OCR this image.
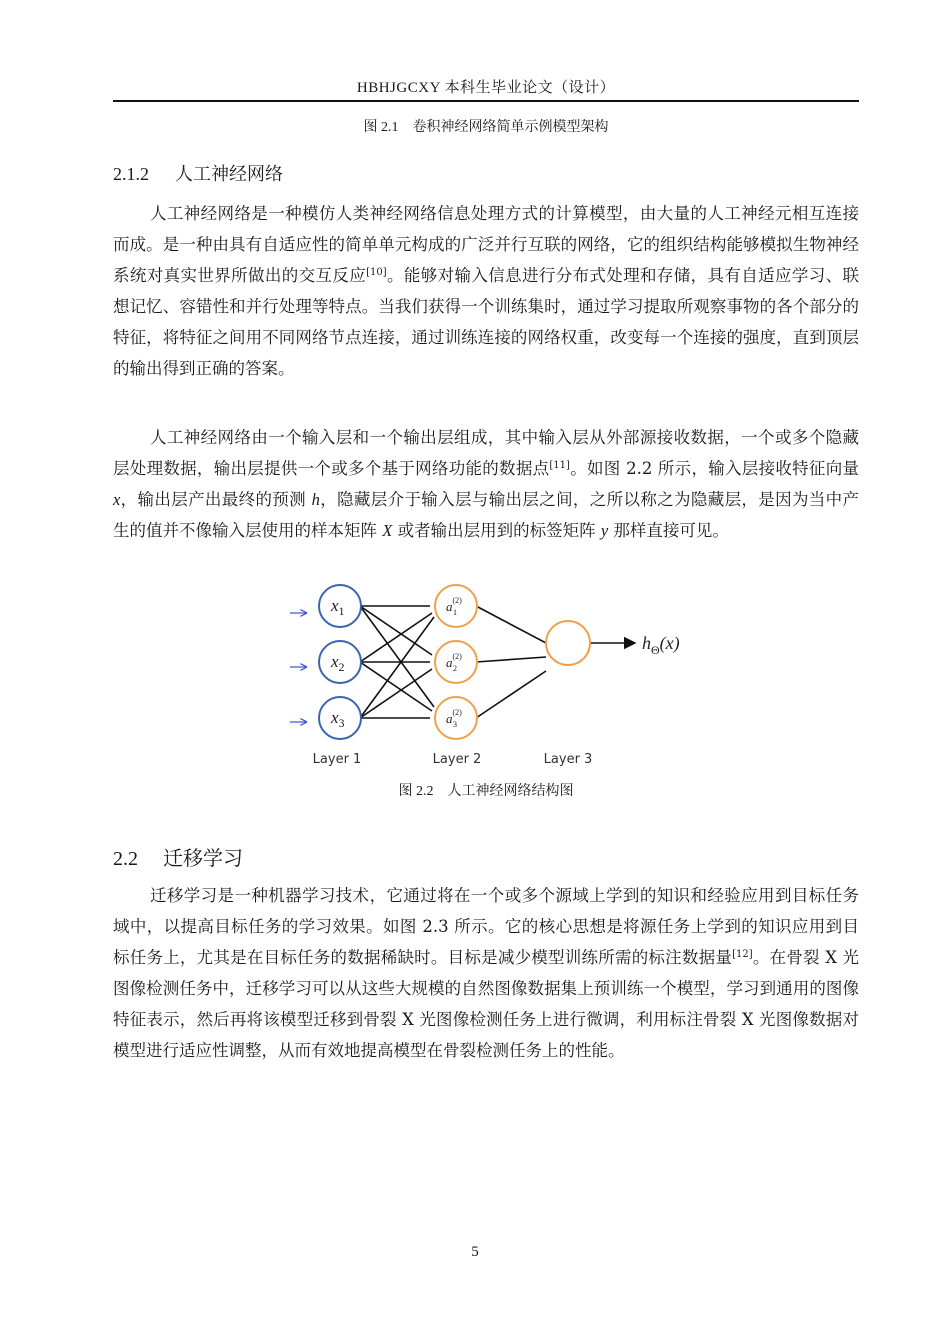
HBHJGCXY 本科生毕业论文（设计）
图 2.1 卷积神经网络简单示例模型架构
2.1.2 人工神经网络

人工神经网络是一种模仿人类神经网络信息处理方式的计算模型，由大量的人工神经元相互连接而成。是一种由具有自适应性的简单单元构成的广泛并行互联的网络，它的组织结构能够模拟生物神经系统对真实世界所做出的交互反应[10]。能够对输入信息进行分布式处理和存储，具有自适应学习、联想记忆、容错性和并行处理等特点。当我们获得一个训练集时，通过学习提取所观察事物的各个部分的特征，将特征之间用不同网络节点连接，通过训练连接的网络权重，改变每一个连接的强度，直到顶层的输出得到正确的答案。

人工神经网络由一个输入层和一个输出层组成，其中输入层从外部源接收数据，一个或多个隐藏层处理数据，输出层提供一个或多个基于网络功能的数据点[11]。如图 2.2 所示，输入层接收特征向量 x，输出层产出最终的预测 h，隐藏层介于输入层与输出层之间，之所以称之为隐藏层，是因为当中产生的值并不像输入层使用的样本矩阵 X 或者输出层用到的标签矩阵 y 那样直接可见。

$x_1$
$x_2$
$x_3$
$a^{(2)}$ 1
$a^{(2)}$ 2
$a^{(2)}$ 3
$h_\Theta(x)$
Layer 1	Layer 2	Layer 3
图 2.2 人工神经网络结构图
2.2 迁移学习

迁移学习是一种机器学习技术，它通过将在一个或多个源域上学到的知识和经验应用到目标任务域中，以提高目标任务的学习效果。如图 2.3 所示。它的核心思想是将源任务上学到的知识应用到目标任务上，尤其是在目标任务的数据稀缺时。目标是减少模型训练所需的标注数据量[12]。在骨裂 X 光图像检测任务中，迁移学习可以从这些大规模的自然图像数据集上预训练一个模型，学习到通用的图像特征表示，然后再将该模型迁移到骨裂 X 光图像检测任务上进行微调，利用标注骨裂 X 光图像数据对模型进行适应性调整，从而有效地提高模型在骨裂检测任务上的性能。

5
